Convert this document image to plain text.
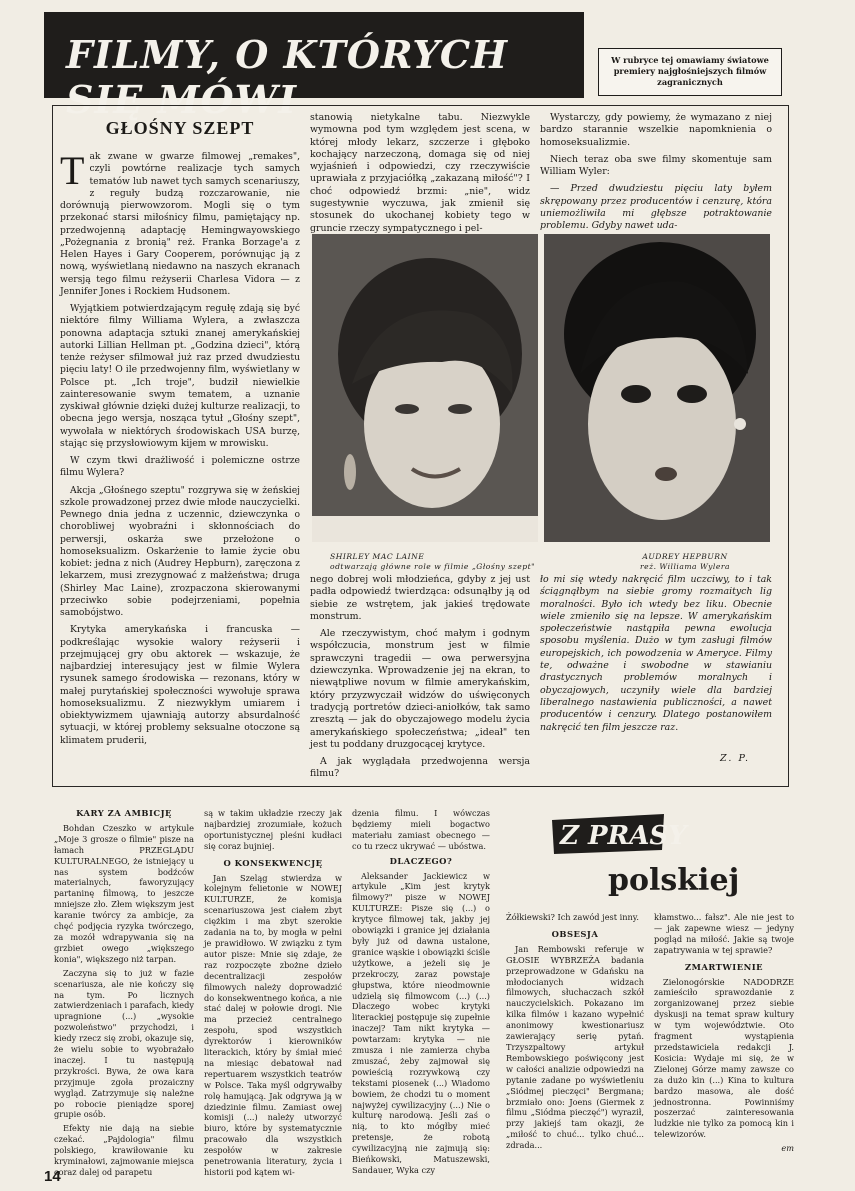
FILMY, O KTÓRYCH SIĘ MÓWI
W rubryce tej omawiamy światowe premiery najgłośniejszych filmów zagranicznych
GŁOŚNY SZEPT

Tak zwane w gwarze filmowej „remakes", czyli powtórne realizacje tych samych tematów lub nawet tych samych scenariuszy, z reguły budzą rozczarowanie, nie dorównują pierwowzorom. Mogli się o tym przekonać starsi miłośnicy filmu, pamiętający np. przedwojenną adaptację Hemingwayowskiego „Pożegnania z bronią" reż. Franka Borzage'a z Helen Hayes i Gary Cooperem, porównując ją z nową, wyświetlaną niedawno na naszych ekranach wersją tego filmu reżyserii Charlesa Vidora — z Jennifer Jones i Rockiem Hudsonem.

Wyjątkiem potwierdzającym regułę zdają się być niektóre filmy Williama Wylera, a zwłaszcza ponowna adaptacja sztuki znanej amerykańskiej autorki Lillian Hellman pt. „Godzina dzieci", którą tenże reżyser sfilmował już raz przed dwudziestu pięciu laty! O ile przedwojenny film, wyświetlany w Polsce pt. „Ich troje", budził niewielkie zainteresowanie swym tematem, a uznanie zyskiwał głównie dzięki dużej kulturze realizacji, to obecna jego wersja, nosząca tytuł „Głośny szept", wywołała w niektórych środowiskach USA burzę, stając się przysłowiowym kijem w mrowisku.

W czym tkwi drażliwość i polemiczne ostrze filmu Wylera?

Akcja „Głośnego szeptu" rozgrywa się w żeńskiej szkole prowadzonej przez dwie młode nauczycielki. Pewnego dnia jedna z uczennic, dziewczynka o chorobliwej wyobraźni i skłonnościach do perwersji, oskarża swe przełożone o homoseksualizm. Oskarżenie to łamie życie obu kobiet: jedna z nich (Audrey Hepburn), zaręczona z lekarzem, musi zrezygnować z małżeństwa; druga (Shirley Mac Laine), zrozpaczona skierowanymi przeciwko sobie podejrzeniami, popełnia samobójstwo.

Krytyka amerykańska i francuska — podkreślając wysokie walory reżyserii i przejmującej gry obu aktorek — wskazuje, że najbardziej interesujący jest w filmie Wylera rysunek samego środowiska — rezonans, który w małej purytańskiej społeczności wywołuje sprawa homoseksualizmu. Z niezwykłym umiarem i obiektywizmem ujawniają autorzy absurdalność sytuacji, w której problemy seksualne otoczone są klimatem pruderii,

stanowią nietykalne tabu. Niezwykle wymowna pod tym względem jest scena, w której młody lekarz, szczerze i głęboko kochający narzeczoną, domaga się od niej wyjaśnień i odpowiedzi, czy rzeczywiście uprawiała z przyjaciółką „zakazaną miłość"? I choć odpowiedź brzmi: „nie", widz sugestywnie wyczuwa, jak zmienił się stosunek do ukochanej kobiety tego w gruncie rzeczy sympatycznego i pel-

Wystarczy, gdy powiemy, że wymazano z niej bardzo starannie wszelkie napomknienia o homoseksualizmie.

Niech teraz oba swe filmy skomentuje sam William Wyler:

— Przed dwudziestu pięciu laty byłem skrępowany przez producentów i cenzurę, która uniemożliwiła mi głębsze potraktowanie problemu. Gdyby nawet uda-

SHIRLEY MAC LAINE
odtwarzają główne role w filmie „Głośny szept"
AUDREY HEPBURN
reż. Williama Wylera

nego dobrej woli młodzieńca, gdyby z jej ust padła odpowiedź twierdząca: odsunąłby ją od siebie ze wstrętem, jak jakieś trędowate monstrum.

Ale rzeczywistym, choć małym i godnym współczucia, monstrum jest w filmie sprawczyni tragedii — owa perwersyjna dziewczynka. Wprowadzenie jej na ekran, to niewątpliwe novum w filmie amerykańskim, który przyzwyczaił widzów do uświęconych tradycją portretów dzieci-aniołków, tak samo zresztą — jak do obyczajowego modelu życia amerykańskiego społeczeństwa; „ideał" ten jest tu poddany druzgocącej krytyce.

A jak wyglądała przedwojenna wersja filmu?

ło mi się wtedy nakręcić film uczciwy, to i tak ściągnąłbym na siebie gromy rozmaitych lig moralności. Było ich wtedy bez liku. Obecnie wiele zmieniło się na lepsze. W amerykańskim społeczeństwie nastąpiła pewna ewolucja sposobu myślenia. Dużo w tym zasługi filmów europejskich, ich powodzenia w Ameryce. Filmy te, odważne i swobodne w stawianiu drastycznych problemów moralnych i obyczajowych, uczyniły wiele dla bardziej liberalnego nastawienia publiczności, a nawet producentów i cenzury. Dlatego postanowiłem nakręcić ten film jeszcze raz.

Z. P.
KARY ZA AMBICJĘ

Bohdan Czeszko w artykule „Moje 3 grosze o filmie" pisze na łamach PRZEGLĄDU KULTURALNEGO, że istniejący u nas system bodźców materialnych, faworyzujący partaninę filmową, to jeszcze mniejsze zło. Złem większym jest karanie twórcy za ambicje, za chęć podjęcia ryzyka twórczego, za mozół wdrapywania się na grzbiet owego „większego konia", większego niż tarpan.

Zaczyna się to już w fazie scenariusza, ale nie kończy się na tym. Po licznych zatwierdzeniach i parafach, kiedy upragnione (...) „wysokie pozwoleństwo" przychodzi, i kiedy rzecz się zrobi, okazuje się, że wielu sobie to wyobrażało inaczej. I tu następują przykrości. Bywa, że owa kara przyjmuje zgoła prozaiczny wygląd. Zatrzymuje się należne po robocie pieniądze sporej grupie osób.

Efekty nie dają na siebie czekać. „Pajdologia" filmu polskiego, krawiłowanie ku kryminałowi, zajmowanie miejsca coraz dalej od parapetu

są w takim układzie rzeczy jak najbardziej zrozumiałe, kożuch oportunistycznej pleśni kudłaci się coraz bujniej.

O KONSEKWENCJĘ

Jan Szeląg stwierdza w kolejnym felietonie w NOWEJ KULTURZE, że komisja scenariuszowa jest ciałem zbyt ciężkim i ma zbyt szerokie zadania na to, by mogła w pełni je prawidłowo. W związku z tym autor pisze: Mnie się zdaje, że raz rozpoczęte zbożne dzieło decentralizacji zespołów filmowych należy doprowadzić do konsekwentnego końca, a nie stać dalej w połowie drogi. Nie ma przecież centralnego zespołu, spod wszystkich dyrektorów i kierowników literackich, który by śmiał mieć na miesiąc debatował nad repertuarem wszystkich teatrów w Polsce. Taka myśl odgrywałby rolę hamującą. Jak odgrywa ją w dziedzinie filmu. Zamiast owej komisji (...) należy utworzyć biuro, które by systematycznie pracowało dla wszystkich zespołów w zakresie penetrowania literatury, życia i historii pod kątem wi-

dzenia filmu. I wówczas będziemy mieli bogactwo materiału zamiast obecnego — co tu rzecz ukrywać — ubóstwa.

DLACZEGO?

Aleksander Jackiewicz w artykule „Kim jest krytyk filmowy?" pisze w NOWEJ KULTURZE: Pisze się (...) o krytyce filmowej tak, jakby jej obowiązki i granice jej działania były już od dawna ustalone, granice wąskie i obowiązki ściśle użytkowe, a jeżeli się je przekroczy, zaraz powstaje głupstwa, które nieodmownie udzielą się filmowcom (...) (...) Dlaczego wobec krytyki literackiej postępuje się zupełnie inaczej? Tam nikt krytyka — powtarzam: krytyka — nie zmusza i nie zamierza chyba zmuszać, żeby zajmował się powieścią rozrywkową czy tekstami piosenek (...) Wiadomo bowiem, że chodzi tu o moment najwyżej cywilizacyjny (...) Nie o kulturę narodową. Jeśli zaś o nią, to kto mógłby mieć pretensje, że robotą cywilizacyjną nie zajmują się: Bieńkowski, Matuszewski, Sandauer, Wyka czy

Z PRASY
polskiej

Żółkiewski? Ich zawód jest inny.

OBSESJA

Jan Rembowski referuje w GŁOSIE WYBRZEŻA badania przeprowadzone w Gdańsku na młodocianych widzach filmowych, słuchaczach szkół nauczycielskich. Pokazano im kilka filmów i kazano wypełnić anonimowy kwestionariusz zawierający serię pytań. Trzyszpaltowy artykuł Rembowskiego poświęcony jest w całości analizie odpowiedzi na pytanie zadane po wyświetleniu „Siódmej pieczęci" Bergmana; brzmiało ono: Joens (Giermek z filmu „Siódma pieczęć") wyraził, przy jakiejś tam okazji, że „miłość to chuć... tylko chuć... zdrada...

kłamstwo... fałsz". Ale nie jest to — jak zapewne wiesz — jedyny pogląd na miłość. Jakie są twoje zapatrywania w tej sprawie?

ZMARTWIENIE

Zielonogórskie NADODRZE zamieściło sprawozdanie z zorganizowanej przez siebie dyskusji na temat spraw kultury w tym województwie. Oto fragment wystąpienia przedstawiciela redakcji J. Kosicia: Wydaje mi się, że w Zielonej Górze mamy zawsze co za dużo kin (...) Kina to kultura bardzo masowa, ale dość jednostronna. Powinniśmy poszerzać zainteresowania ludzkie nie tylko za pomocą kin i telewizorów.

em
14
